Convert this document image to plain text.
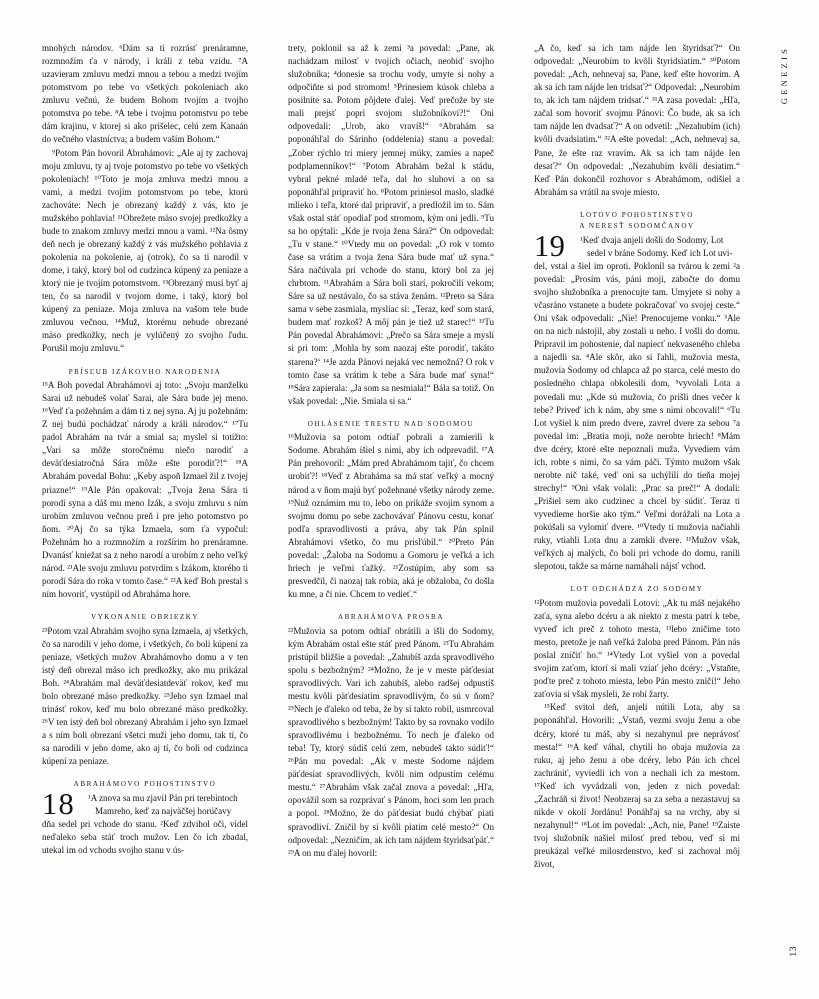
mnohých národov. ⁶Dám sa ti rozrásť prenáramne, rozmnožím ťa v národy, i králi z teba vzídu. ⁷A uzavieram zmluvu medzi mnou a tebou a medzi tvojím potomstvom po tebe vo všetkých pokoleniach ako zmluvu večnú, že budem Bohom tvojím a tvojho potomstva po tebe. ⁸A tebe i tvojmu potomstvu po tebe dám krajinu, v ktorej si ako prišelec, celú zem Kanaán do večného vlastníctva; a budem vaším Bohom.“

⁹Potom Pán hovoril Abrahámovi: „Ale aj ty zachovaj moju zmluvu, ty aj tvoje potomstvo po tebe vo všetkých pokoleniach! ¹⁰Toto je moja zmluva medzi mnou a vami, a medzi tvojím potomstvom po tebe, ktorú zachováte: Nech je obrezaný každý z vás, kto je mužského pohlavia! ¹¹Obrežete mäso svojej predkožky a bude to znakom zmluvy medzi mnou a vami. ¹²Na ôsmy deň nech je obrezaný každý z vás mužského pohlavia z pokolenia na pokolenie, aj (otrok), čo sa ti narodil v dome, i taký, ktorý bol od cudzinca kúpený za peniaze a ktorý nie je tvojím potomstvom. ¹³Obrezaný musí byť aj ten, čo sa narodil v tvojom dome, i taký, ktorý bol kúpený za peniaze. Moja zmluva na vašom tele bude zmluvou večnou. ¹⁴Muž, ktorému nebude obrezané mäso predkožky, nech je vylúčený zo svojho ľudu. Porušil moju zmluvu.“

PRÍSĽUB IZÁKOVHO NARODENIA

¹⁵A Boh povedal Abrahámovi aj toto: „Svoju manželku Sarai už nebudeš volať Sarai, ale Sára bude jej meno. ¹⁶Veď ťa požehnám a dám ti z nej syna. Aj ju požehnám: Z nej budú pochádzať národy a králi národov.“ ¹⁷Tu padol Abrahám na tvár a smial sa; myslel si totižto: „Vari sa môže storočnému niečo narodiť a deväťdesiatročná Sára môže ešte porodiť?!“ ¹⁸A Abrahám povedal Bohu: „Keby aspoň Izmael žil z tvojej priazne!“ ¹⁹Ale Pán opakoval: „Tvoja žena Sára ti porodí syna a dáš mu meno Izák, a svoju zmluvu s ním urobím zmluvou večnou preň i pre jeho potomstvo po ňom. ²⁰Aj čo sa týka Izmaela, som ťa vypočul: Požehnám ho a rozmnožím a rozšírim ho prenáramne. Dvanásť kniežat sa z neho narodí a urobím z neho veľký národ. ²¹Ale svoju zmluvu potvrdím s Izákom, ktorého ti porodí Sára do roka v tomto čase.“ ²²A keď Boh prestal s ním hovoriť, vystúpil od Abraháma hore.

VYKONANIE OBRIEZKY

²³Potom vzal Abrahám svojho syna Izmaela, aj všetkých, čo sa narodili v jeho dome, i všetkých, čo boli kúpení za peniaze, všetkých mužov Abrahámovho domu a v ten istý deň obrezal mäso ich predkožky, ako mu prikázal Boh. ²⁴Abrahám mal deväťdesiatdeväť rokov, keď mu bolo obrezané mäso predkožky. ²⁵Jeho syn Izmael mal trinásť rokov, keď mu bolo obrezané mäso predkožky. ²⁶V ten istý deň bol obrezaný Abrahám i jeho syn Izmael a s ním boli obrezaní všetci muži jeho domu, tak tí, čo sa narodili v jeho dome, ako aj tí, čo boli od cudzinca kúpení za peniaze.

ABRAHÁMOVO POHOSTINSTVO
18	¹A znova sa mu zjavil Pán pri terebintoch
Mamreho, keď za najväčšej horúčavy
dňa sedel pri vchode do stanu. ²Keď zdvihol oči, videl neďaleko seba stáť troch mužov. Len čo ich zbadal, utekal im od vchodu svojho stanu v ús-

trety, poklonil sa až k zemi ³a povedal: „Pane, ak nachádzam milosť v tvojich očiach, neobíď svojho služobníka; ⁴donesie sa trochu vody, umyte si nohy a odpočiňte si pod stromom! ⁵Prinesiem kúsok chleba a posilníte sa. Potom pôjdete ďalej. Veď prečože by ste mali prejsť popri svojom služobníkovi?!“ Oni odpovedali: „Urob, ako vravíš!“ ⁶Abrahám sa poponáhľal do Sárinho (oddelenia) stanu a povedal: „Zober rýchlo tri miery jemnej múky, zamies a napeč podplamenníkov!“ ⁷Potom Abrahám bežal k stádu, vybral pekné mladé teľa, dal ho sluhovi a on sa poponáhľal pripraviť ho. ⁸Potom priniesol maslo, sladké mlieko i teľa, ktoré dal pripraviť, a predložil im to. Sám však ostal stáť opodiaľ pod stromom, kým oni jedli. ⁹Tu sa ho opýtali: „Kde je tvoja žena Sára?“ On odpovedal: „Tu v stane.“ ¹⁰Vtedy mu on povedal: „O rok v tomto čase sa vrátim a tvoja žena Sára bude mať už syna.“ Sára načúvala pri vchode do stanu, ktorý bol za jej chrbtom. ¹¹Abrahám a Sára boli starí, pokročilí vekom; Sáre sa už nestávalo, čo sa stáva ženám. ¹²Preto sa Sára sama v sebe zasmiala, mysliac si: „Teraz, keď som stará, budem mať rozkoš? A môj pán je tiež už starec!“ ¹³Tu Pán povedal Abrahámovi: „Prečo sa Sára smeje a myslí si pri tom: ‚Mohla by som naozaj ešte porodiť, takáto starena?‘ ¹⁴Je azda Pánovi nejaká vec nemožná? O rok v tomto čase sa vrátim k tebe a Sára bude mať syna!“ ¹⁵Sára zapierala: „Ja som sa nesmiala!“ Bála sa totiž. On však povedal: „Nie. Smiala si sa.“

OHLÁSENIE TRESTU NAD SODOMOU

¹⁶Mužovia sa potom odtiaľ pobrali a zamierili k Sodome. Abrahám išiel s nimi, aby ich odprevadil. ¹⁷A Pán prehovoril: „Mám pred Abrahámom tajiť, čo chcem urobiť?! ¹⁸Veď z Abraháma sa má stať veľký a mocný národ a v ňom majú byť požehnané všetky národy zeme. ¹⁹Nuž oznámim mu to, lebo on prikáže svojim synom a svojmu domu po sebe zachovávať Pánovu cestu, konať podľa spravodlivosti a práva, aby tak Pán splnil Abrahámovi všetko, čo mu prisľúbil.“ ²⁰Preto Pán povedal: „Žaloba na Sodomu a Gomoru je veľká a ich hriech je veľmi ťažký. ²¹Zostúpim, aby som sa presvedčil, či naozaj tak robia, aká je obžaloba, čo došla ku mne, a či nie. Chcem to vedieť.“

ABRAHÁMOVA PROSBA

²²Mužovia sa potom odtiaľ obrátili a išli do Sodomy, kým Abrahám ostal ešte stáť pred Pánom. ²³Tu Abrahám pristúpil bližšie a povedal: „Zahubíš azda spravodlivého spolu s bezbožným? ²⁴Možno, že je v meste päťdesiat spravodlivých. Vari ich zahubíš, alebo radšej odpustíš mestu kvôli päťdesiatim spravodlivým, čo sú v ňom? ²⁵Nech je ďaleko od teba, že by si takto robil, usmrcoval spravodlivého s bezbožným! Takto by sa rovnako vodilo spravodlivému i bezbožnému. To nech je ďaleko od teba! Ty, ktorý súdiš celú zem, nebudeš takto súdiť!“ ²⁶Pán mu povedal: „Ak v meste Sodome nájdem päťdesiat spravodlivých, kvôli nim odpustím celému mestu.“ ²⁷Abrahám však začal znova a povedal: „Hľa, opovážil som sa rozprávať s Pánom, hoci som len prach a popol. ²⁸Možno, že do päťdesiat budú chýbať piati spravodliví. Zničil by si kvôli piatim celé mesto?“ On odpovedal: „Nezničím, ak ich tam nájdem štyridsaťpäť.“ ²⁹A on mu ďalej hovoril:

„A čo, keď sa ich tam nájde len štyridsať?“ On odpovedal: „Neurobím to kvôli štyridsiatim.“ ³⁰Potom povedal: „Ach, nehnevaj sa, Pane, keď ešte hovorím. A ak sa ich tam nájde len tridsať?“ Odpovedal: „Neurobím to, ak ich tam nájdem tridsať.“ ³¹A zasa povedal: „Hľa, začal som hovoriť svojmu Pánovi: Čo bude, ak sa ich tam nájde len dvadsať?“ A on odvetil: „Nezahubím (ich) kvôli dvadsiatim.“ ³²A ešte povedal: „Ach, nehnevaj sa, Pane, že ešte raz vravím. Ak sa ich tam nájde len desať?“ On odpovedal: „Nezahubím kvôli desiatim.“ Keď Pán dokončil rozhovor s Abrahámom, odišiel a Abrahám sa vrátil na svoje miesto.

LOTOVO POHOSTINSTVO
A NERESŤ SODOMČANOV
19	¹Keď dvaja anjeli došli do Sodomy, Lot
sedel v bráne Sodomy. Keď ich Lot uvi-
del, vstal a šiel im oproti. Poklonil sa tvárou k zemi ²a povedal: „Prosím vás, páni moji, zabočte do domu svojho služobníka a prenocujte tam. Umyjete si nohy a včasráno vstanete a budete pokračovať vo svojej ceste.“ Oni však odpovedali: „Nie! Prenocujeme vonku.“ ³Ale on na nich nástojil, aby zostali u neho. I vošli do domu. Pripravil im pohostenie, dal napiecť nekvaseného chleba a najedli sa. ⁴Ale skôr, ako si ľahli, mužovia mesta, mužovia Sodomy od chlapca až po starca, celé mesto do posledného chlapa obkolesili dom, ⁵vyvolali Lota a povedali mu: „Kde sú mužovia, čo prišli dnes večer k tebe? Priveď ich k nám, aby sme s nimi obcovali!“ ⁶Tu Lot vyšiel k nim predo dvere, zavrel dvere za sebou ⁷a povedal im: „Bratia moji, nože nerobte hriech! ⁸Mám dve dcéry, ktoré ešte nepoznali muža. Vyvediem vám ich, robte s nimi, čo sa vám páči. Týmto mužom však nerobte nič také, veď oni sa uchýlili do tieňa mojej strechy!“ ⁹Oni však volali: „Prac sa preč!“ A dodali: „Prišiel sem ako cudzinec a chcel by súdiť. Teraz ti vyvedieme horšie ako tým.“ Veľmi dorážali na Lota a pokúšali sa vylomiť dvere. ¹⁰Vtedy tí mužovia načiahli ruky, vtiahli Lota dnu a zamkli dvere. ¹¹Mužov však, veľkých aj malých, čo boli pri vchode do domu, ranili slepotou, takže sa márne namáhali nájsť vchod.

LOT ODCHÁDZA ZO SODOMY

¹²Potom mužovia povedali Lotovi: „Ak tu máš nejakého zaťa, syna alebo dcéru a ak niekto z mesta patrí k tebe, vyveď ich preč z tohoto mesta, ¹³lebo zničíme toto mesto, pretože je naň veľká žaloba pred Pánom. Pán nás poslal zničiť ho.“ ¹⁴Vtedy Lot vyšiel von a povedal svojim zaťom, ktorí si mali vziať jeho dcéry: „Vstaňte, poďte preč z tohoto miesta, lebo Pán mesto zničí!“ Jeho zaťovia si však mysleli, že robí žarty.

¹⁵Keď svitol deň, anjeli nútili Lota, aby sa poponáhľal. Hovorili: „Vstaň, vezmi svoju ženu a obe dcéry, ktoré tu máš, aby si nezahynul pre neprávosť mesta!“ ¹⁶A keď váhal, chytili ho obaja mužovia za ruku, aj jeho ženu a obe dcéry, lebo Pán ich chcel zachrániť, vyviedli ich von a nechali ich za mestom. ¹⁷Keď ich vyvádzali von, jeden z nich povedal: „Zachráň si život! Neobzeraj sa za seba a nezastavuj sa nikde v okolí Jordánu! Ponáhľaj sa na vrchy, aby si nezahynul!“ ¹⁸Lot im povedal: „Ach, nie, Pane! ¹⁹Zaiste tvoj služobník našiel milosť pred tebou, veď si mi preukázal veľké milosrdenstvo, keď si zachoval môj život,

GENEZIS
13
